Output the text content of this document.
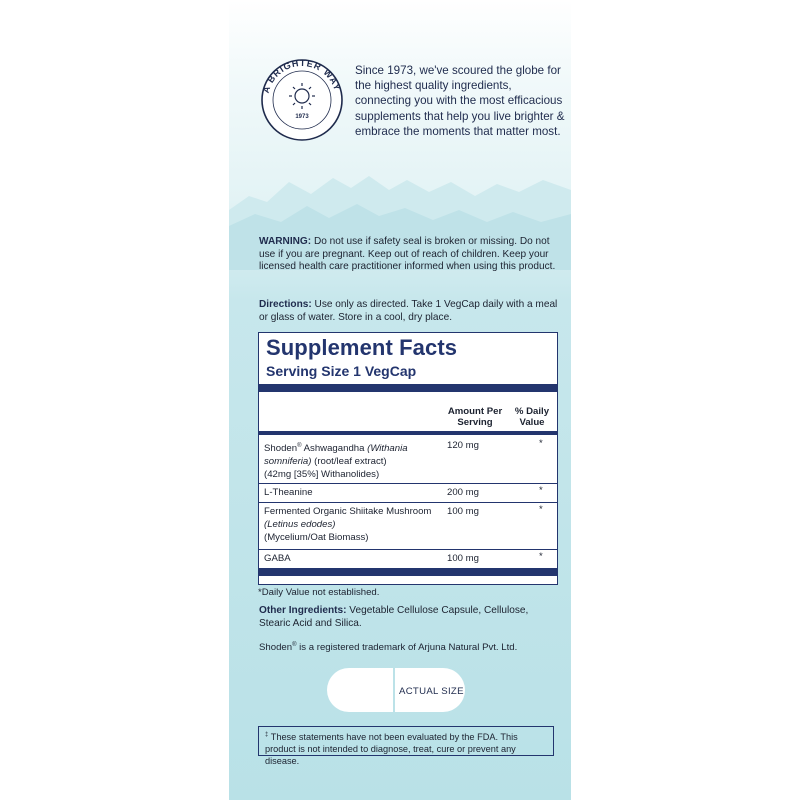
A BRIGHTER WAY
1973
Since 1973, we've scoured the globe for the highest quality ingredients, connecting you with the most efficacious supplements that help you live brighter & embrace the moments that matter most.
WARNING: Do not use if safety seal is broken or missing. Do not use if you are pregnant. Keep out of reach of children. Keep your licensed health care practitioner informed when using this product.
Directions: Use only as directed. Take 1 VegCap daily with a meal or glass of water. Store in a cool, dry place.
Supplement Facts
Serving Size 1 VegCap
Amount Per
Serving
% Daily
Value
Shoden® Ashwagandha (Withania
somniferia) (root/leaf extract)
(42mg [35%] Withanolides)
120 mg	*
L-Theanine	200 mg	*
Fermented Organic Shiitake Mushroom
(Letinus edodes)
(Mycelium/Oat Biomass)
100 mg	*
GABA	100 mg	*
*Daily Value not established.
Other Ingredients: Vegetable Cellulose Capsule, Cellulose, Stearic Acid and Silica.
Shoden® is a registered trademark of Arjuna Natural Pvt. Ltd.
ACTUAL SIZE
‡ These statements have not been evaluated by the FDA. This product is not intended to diagnose, treat, cure or prevent any disease.
